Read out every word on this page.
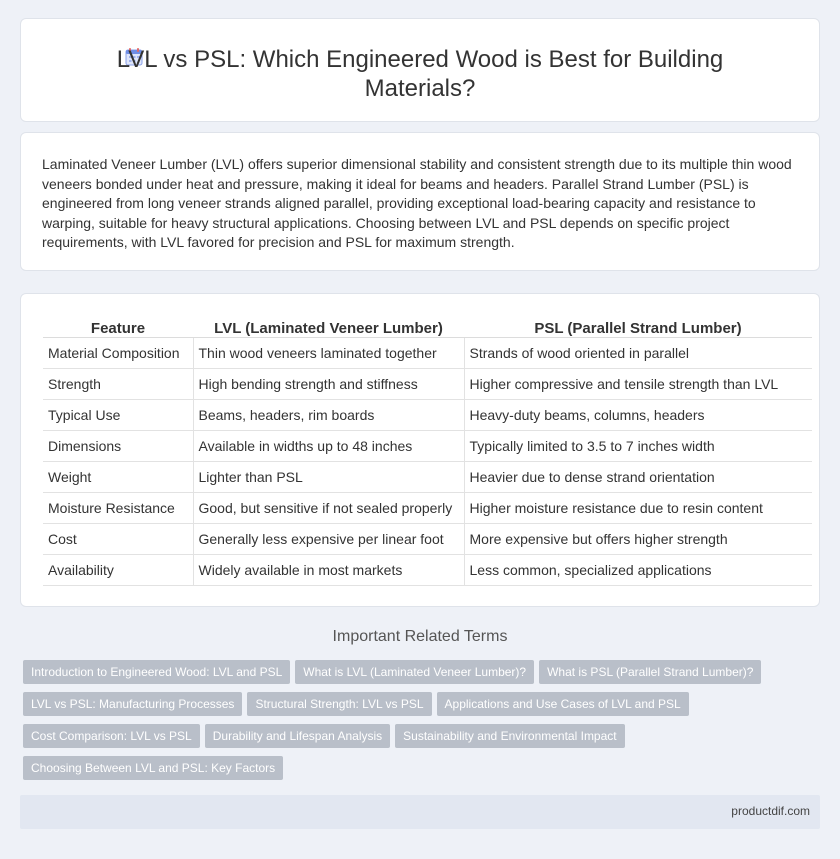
LVL vs PSL: Which Engineered Wood is Best for Building Materials?

Laminated Veneer Lumber (LVL) offers superior dimensional stability and consistent strength due to its multiple thin wood veneers bonded under heat and pressure, making it ideal for beams and headers. Parallel Strand Lumber (PSL) is engineered from long veneer strands aligned parallel, providing exceptional load-bearing capacity and resistance to warping, suitable for heavy structural applications. Choosing between LVL and PSL depends on specific project requirements, with LVL favored for precision and PSL for maximum strength.

Feature	LVL (Laminated Veneer Lumber)	PSL (Parallel Strand Lumber)
Material Composition	Thin wood veneers laminated together	Strands of wood oriented in parallel
Strength	High bending strength and stiffness	Higher compressive and tensile strength than LVL
Typical Use	Beams, headers, rim boards	Heavy-duty beams, columns, headers
Dimensions	Available in widths up to 48 inches	Typically limited to 3.5 to 7 inches width
Weight	Lighter than PSL	Heavier due to dense strand orientation
Moisture Resistance	Good, but sensitive if not sealed properly	Higher moisture resistance due to resin content
Cost	Generally less expensive per linear foot	More expensive but offers higher strength
Availability	Widely available in most markets	Less common, specialized applications
Important Related Terms
Introduction to Engineered Wood: LVL and PSL What is LVL (Laminated Veneer Lumber)? What is PSL (Parallel Strand Lumber)?
LVL vs PSL: Manufacturing Processes Structural Strength: LVL vs PSL Applications and Use Cases of LVL and PSL
Cost Comparison: LVL vs PSL Durability and Lifespan Analysis Sustainability and Environmental Impact
Choosing Between LVL and PSL: Key Factors
productdif.com
